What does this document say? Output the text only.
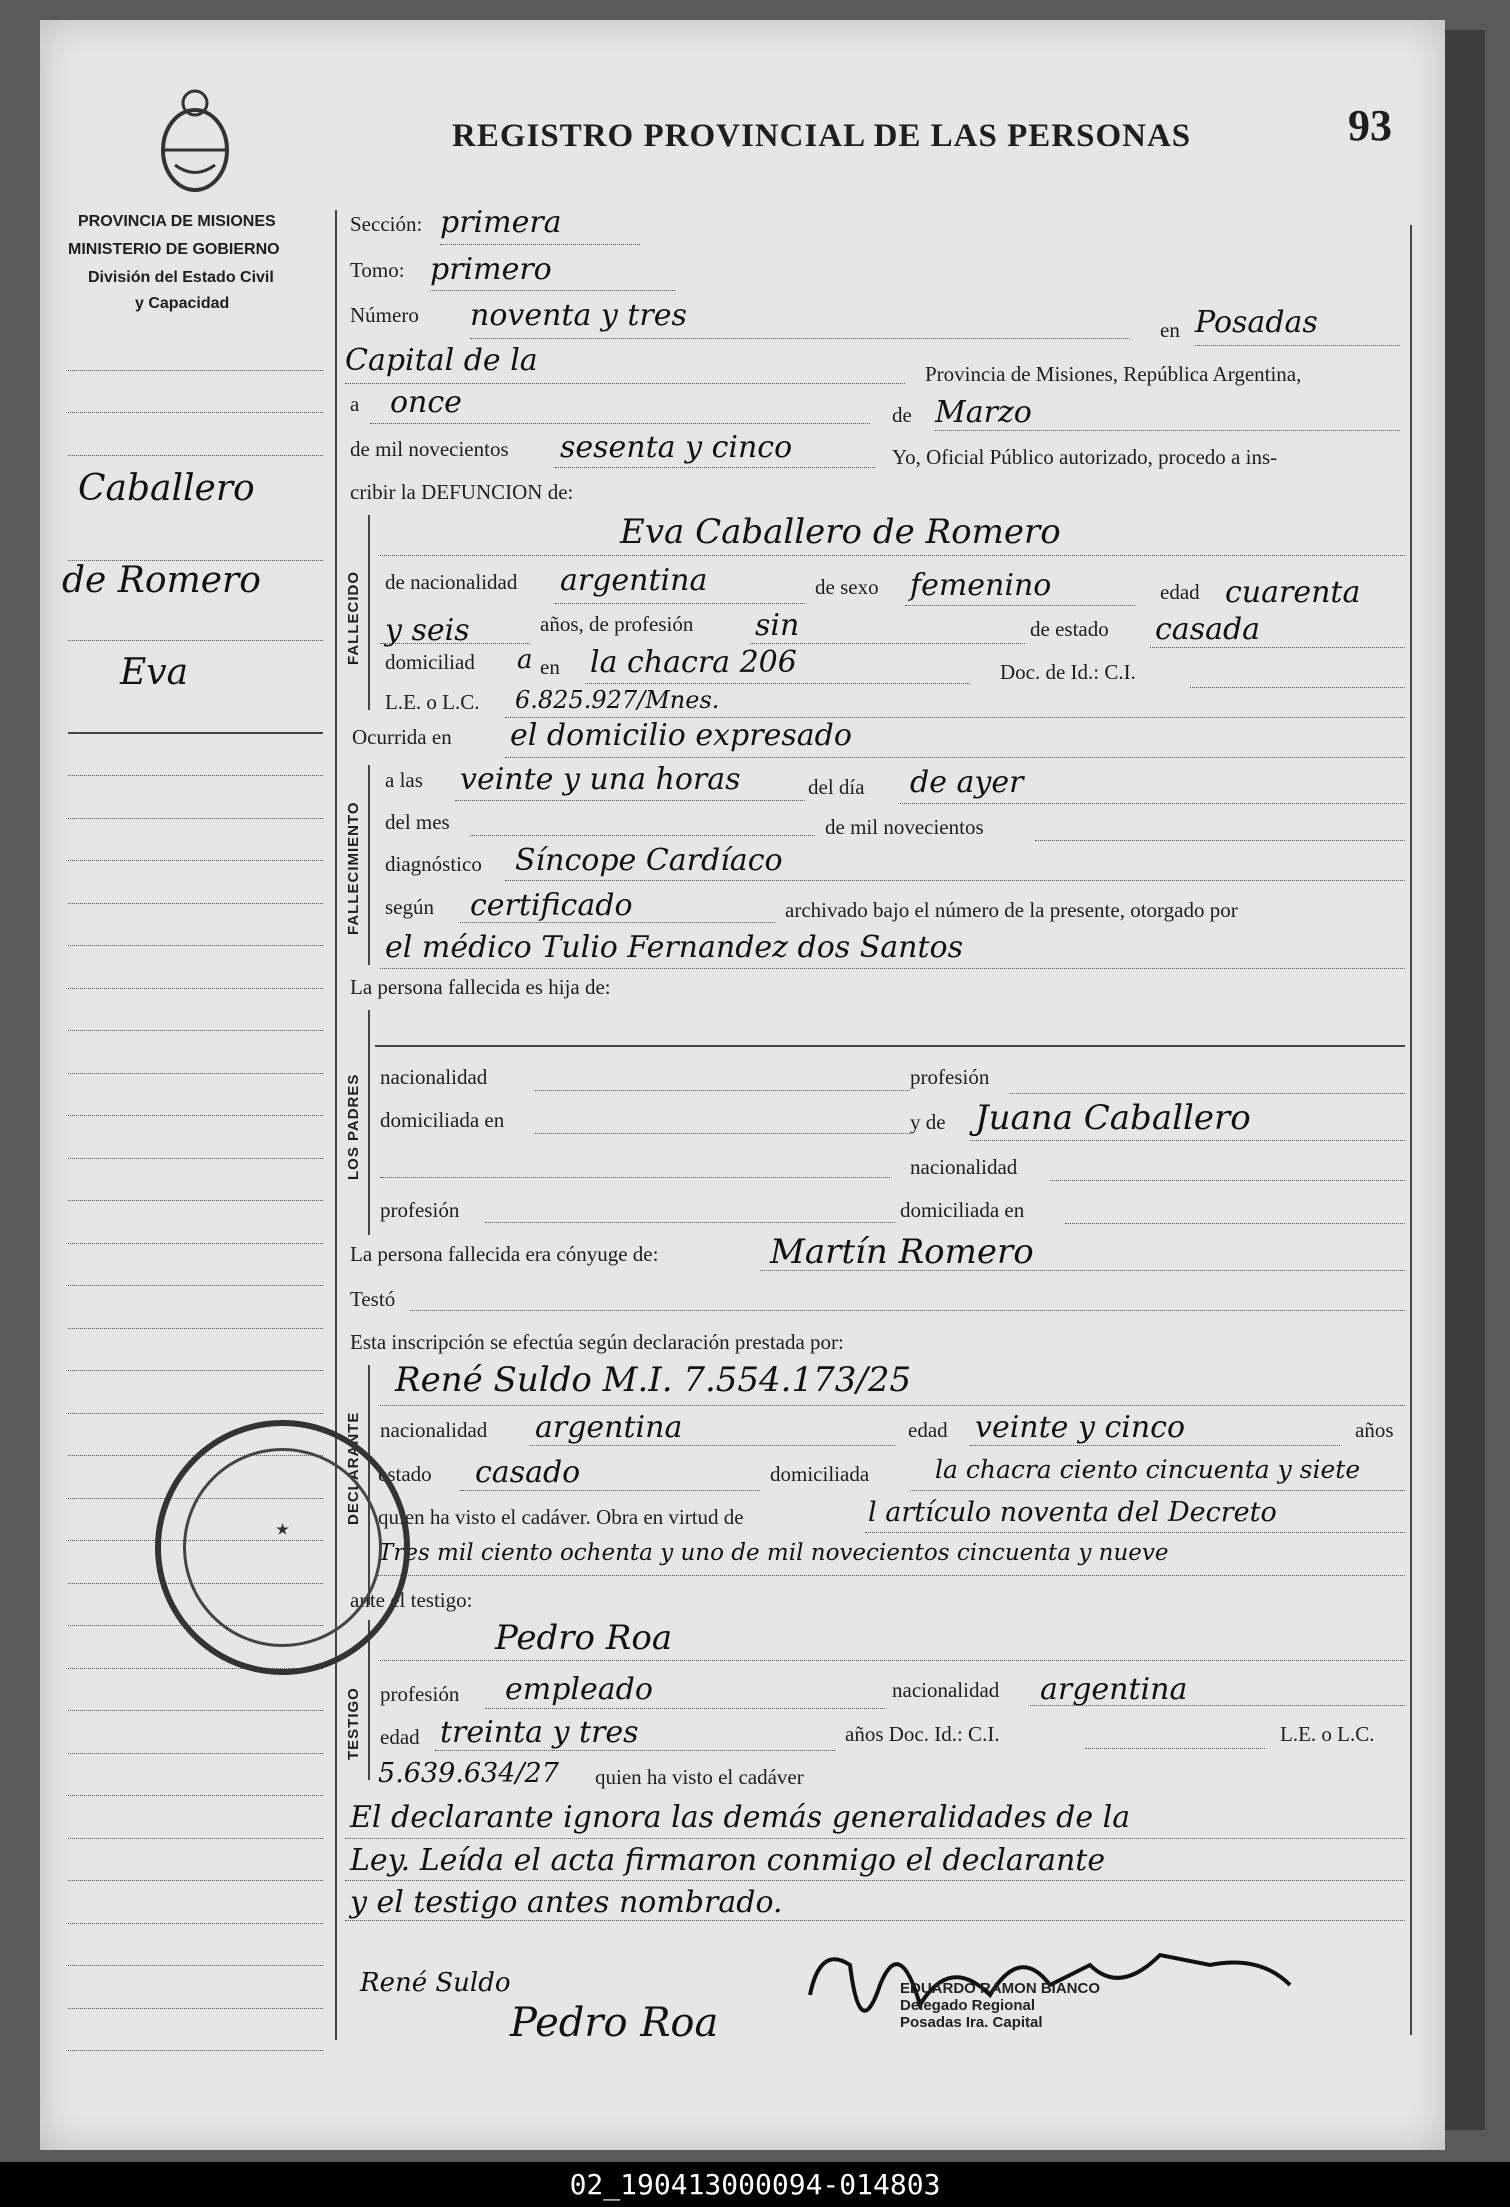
PROVINCIA DE MISIONES
MINISTERIO DE GOBIERNO
División del Estado Civil
y Capacidad
REGISTRO PROVINCIAL DE LAS PERSONAS	93
Caballero
de Romero
Eva
Sección: primera
Tomo: primero
Número noventa y tres	en Posadas
Capital de la	Provincia de Misiones, República Argentina,
a once	de Marzo
de mil novecientos sesenta y cinco	Yo, Oficial Público autorizado, procedo a ins-
cribir la DEFUNCION de:
FALLECIDO
Eva Caballero de Romero
de nacionalidad argentina	de sexo femenino	edad cuarenta
y seis	años, de profesión sin	de estado casada
domiciliad a en la chacra 206	Doc. de Id.: C.I.
L.E. o L.C. 6.825.927/Mnes.
Ocurrida en el domicilio expresado
FALLECIMIENTO
a las veinte y una horas	del día de ayer
del mes	de mil novecientos
diagnóstico Síncope Cardíaco
según certificado	archivado bajo el número de la presente, otorgado por
el médico Tulio Fernandez dos Santos
La persona fallecida es hija de:
LOS PADRES nacionalidad	profesión
domiciliada en	y de Juana Caballero
nacionalidad
profesión	domiciliada en
La persona fallecida era cónyuge de:	Martín Romero
Testó
Esta inscripción se efectúa según declaración prestada por:
DECLARANTE
René Suldo M.I. 7.554.173/25
nacionalidad argentina	edad veinte y cinco	años
estado casado	domiciliada	la chacra ciento cincuenta y siete
quien ha visto el cadáver. Obra en virtud de	l artículo noventa del Decreto
Tres mil ciento ochenta y uno de mil novecientos cincuenta y nueve
ante el testigo:
TESTIGO
Pedro Roa
profesión empleado	nacionalidad argentina
edad treinta y tres	años Doc. Id.: C.I.	L.E. o L.C.
5.639.634/27 quien ha visto el cadáver
El declarante ignora las demás generalidades de la
Ley. Leída el acta firmaron conmigo el declarante
y el testigo antes nombrado.
René Suldo
Pedro Roa
EDUARDO RAMON BIANCO
Delegado Regional
Posadas Ira. Capital
★
02_190413000094-014803
